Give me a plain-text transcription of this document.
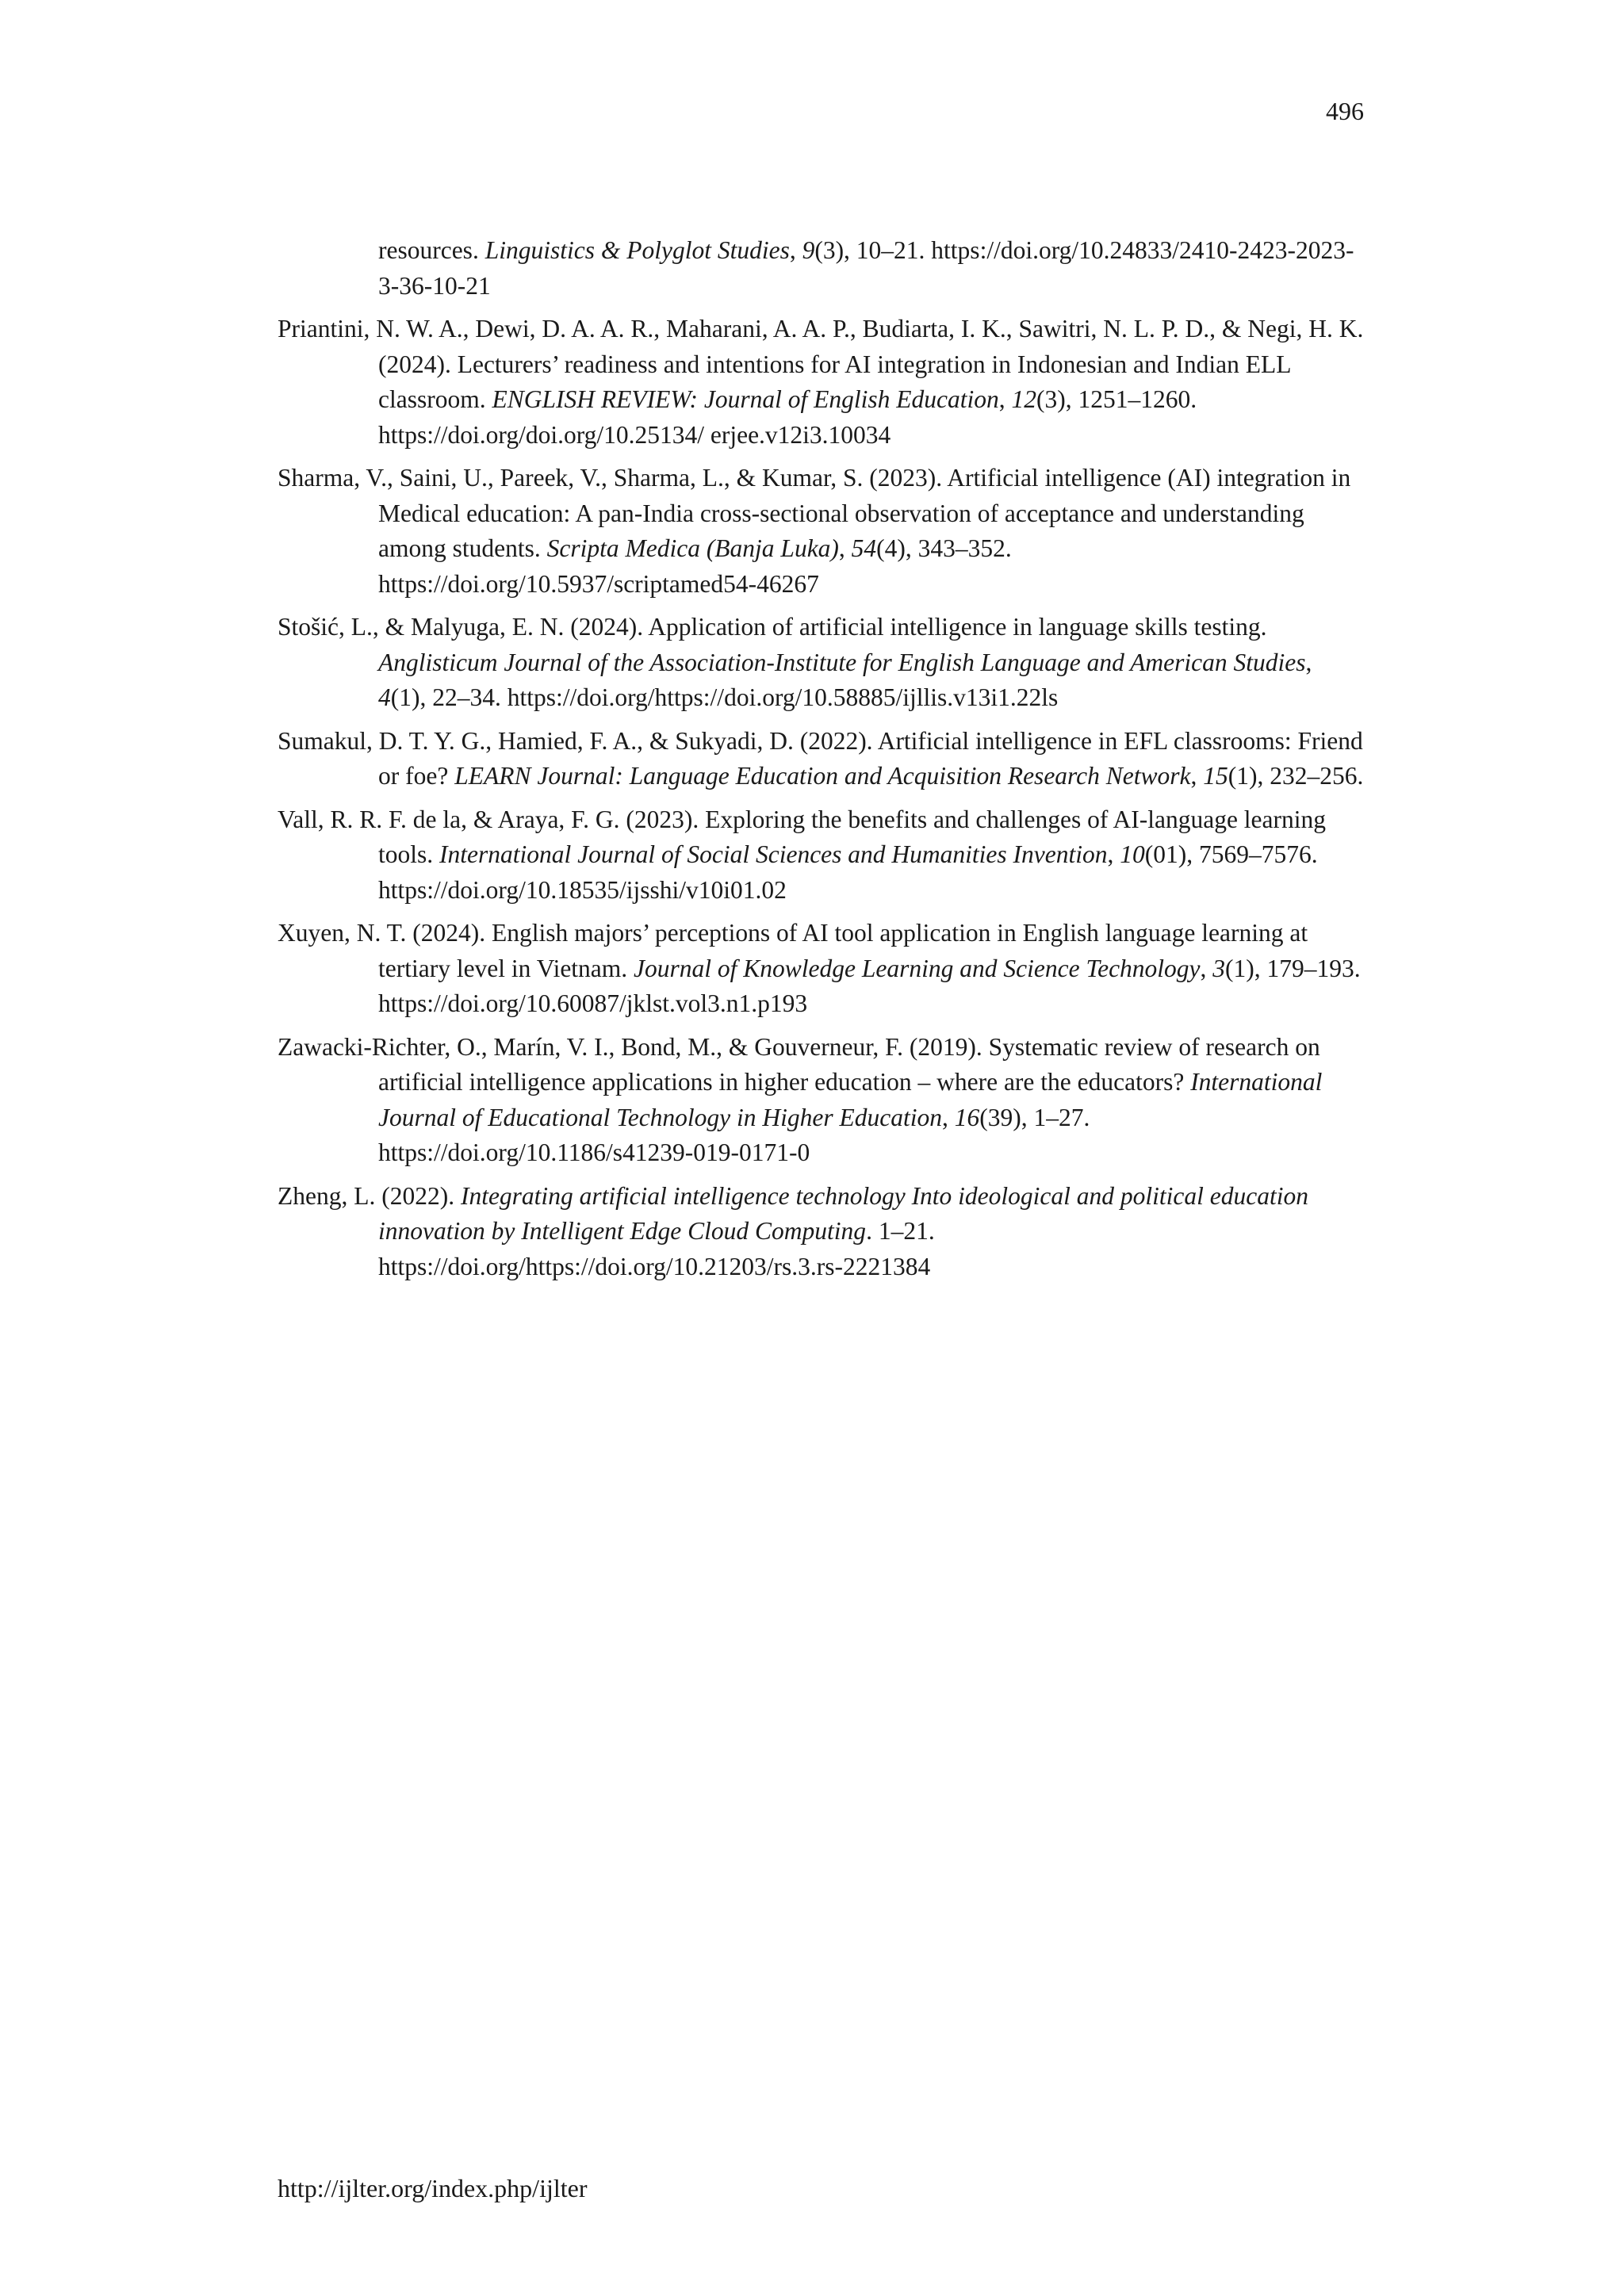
496

resources. Linguistics & Polyglot Studies, 9(3), 10–21. https://doi.org/10.24833/2410-2423-2023-3-36-10-21

Priantini, N. W. A., Dewi, D. A. A. R., Maharani, A. A. P., Budiarta, I. K., Sawitri, N. L. P. D., & Negi, H. K. (2024). Lecturers’ readiness and intentions for AI integration in Indonesian and Indian ELL classroom. ENGLISH REVIEW: Journal of English Education, 12(3), 1251–1260. https://doi.org/doi.org/10.25134/ erjee.v12i3.10034

Sharma, V., Saini, U., Pareek, V., Sharma, L., & Kumar, S. (2023). Artificial intelligence (AI) integration in Medical education: A pan-India cross-sectional observation of acceptance and understanding among students. Scripta Medica (Banja Luka), 54(4), 343–352. https://doi.org/10.5937/scriptamed54-46267

Stošić, L., & Malyuga, E. N. (2024). Application of artificial intelligence in language skills testing. Anglisticum Journal of the Association-Institute for English Language and American Studies, 4(1), 22–34. https://doi.org/https://doi.org/10.58885/ijllis.v13i1.22ls

Sumakul, D. T. Y. G., Hamied, F. A., & Sukyadi, D. (2022). Artificial intelligence in EFL classrooms: Friend or foe? LEARN Journal: Language Education and Acquisition Research Network, 15(1), 232–256.

Vall, R. R. F. de la, & Araya, F. G. (2023). Exploring the benefits and challenges of AI-language learning tools. International Journal of Social Sciences and Humanities Invention, 10(01), 7569–7576. https://doi.org/10.18535/ijsshi/v10i01.02

Xuyen, N. T. (2024). English majors’ perceptions of AI tool application in English language learning at tertiary level in Vietnam. Journal of Knowledge Learning and Science Technology, 3(1), 179–193. https://doi.org/10.60087/jklst.vol3.n1.p193

Zawacki-Richter, O., Marín, V. I., Bond, M., & Gouverneur, F. (2019). Systematic review of research on artificial intelligence applications in higher education – where are the educators? International Journal of Educational Technology in Higher Education, 16(39), 1–27. https://doi.org/10.1186/s41239-019-0171-0

Zheng, L. (2022). Integrating artificial intelligence technology Into ideological and political education innovation by Intelligent Edge Cloud Computing. 1–21. https://doi.org/https://doi.org/10.21203/rs.3.rs-2221384

http://ijlter.org/index.php/ijlter
